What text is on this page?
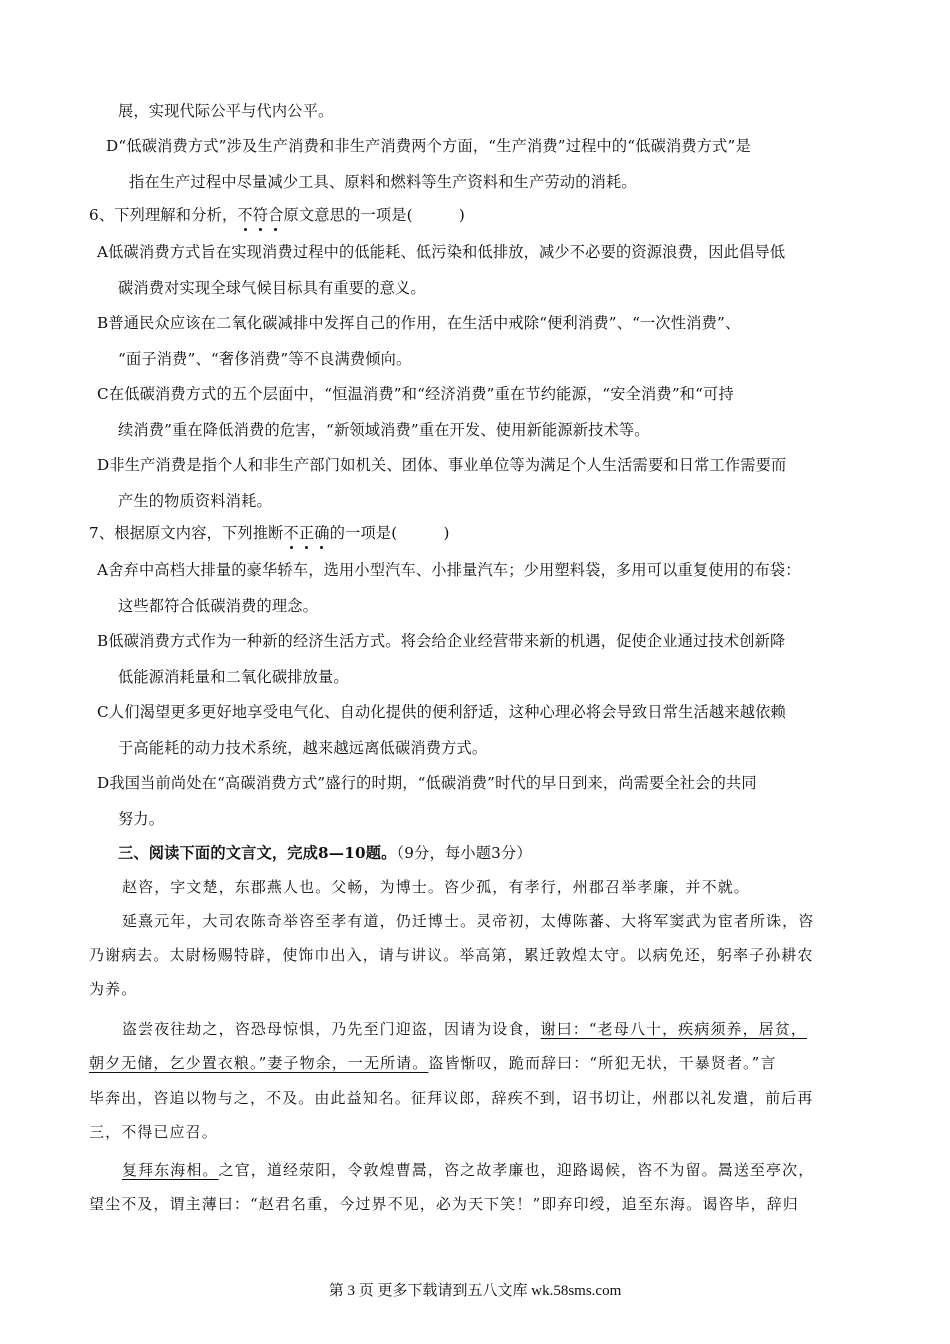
展，实现代际公平与代内公平。
D“低碳消费方式”涉及生产消费和非生产消费两个方面，“生产消费”过程中的“低碳消费方式”是
指在生产过程中尽量减少工具、原料和燃料等生产资料和生产劳动的消耗。
6、下列理解和分析，不符合原文意思的一项是(　　　)
A低碳消费方式旨在实现消费过程中的低能耗、低污染和低排放，减少不必要的资源浪费，因此倡导低
碳消费对实现全球气候目标具有重要的意义。
B普通民众应该在二氧化碳减排中发挥自己的作用，在生活中戒除“便利消费”、“一次性消费”、
“面子消费”、“奢侈消费”等不良满费倾向。
C在低碳消费方式的五个层面中，“恒温消费”和“经济消费”重在节约能源，“安全消费”和“可持
续消费”重在降低消费的危害，“新领域消费”重在开发、使用新能源新技术等。
D非生产消费是指个人和非生产部门如机关、团体、事业单位等为满足个人生活需要和日常工作需要而
产生的物质资料消耗。
7、根据原文内容，下列推断不正确的一项是(　　　)
A舍弃中高档大排量的豪华轿车，选用小型汽车、小排量汽车；少用塑料袋，多用可以重复使用的布袋：
这些都符合低碳消费的理念。
B低碳消费方式作为一种新的经济生活方式。将会给企业经营带来新的机遇，促使企业通过技术创新降
低能源消耗量和二氧化碳排放量。
C人们渴望更多更好地享受电气化、自动化提供的便利舒适，这种心理必将会导致日常生活越来越依赖
于高能耗的动力技术系统，越来越远离低碳消费方式。
D我国当前尚处在“高碳消费方式”盛行的时期，“低碳消费”时代的早日到来，尚需要全社会的共同
努力。
三、阅读下面的文言文，完成8—10题。（9分，每小题3分）
赵咨，字文楚，东郡燕人也。父畅，为博士。咨少孤，有孝行，州郡召举孝廉，并不就。
延熹元年，大司农陈奇举咨至孝有道，仍迁博士。灵帝初，太傅陈蕃、大将军窦武为宦者所诛，咨
乃谢病去。太尉杨赐特辟，使饰巾出入，请与讲议。举高第，累迁敦煌太守。以病免还，躬率子孙耕农
为养。
盗尝夜往劫之，咨恐母惊惧，乃先至门迎盗，因请为设食，谢曰：“老母八十，疾病须养，居贫，
朝夕无储，乞少置衣粮。”妻子物余，一无所请。盗皆惭叹，跪而辞曰：“所犯无状，干暴贤者。”言
毕奔出，咨追以物与之，不及。由此益知名。征拜议郎，辞疾不到，诏书切让，州郡以礼发遣，前后再
三，不得已应召。
复拜东海相。之官，道经荥阳，令敦煌曹暠，咨之故孝廉也，迎路谒候，咨不为留。暠送至亭次，
望尘不及，谓主薄曰：“赵君名重，今过界不见，必为天下笑！”即弃印绶，追至东海。谒咨毕，辞归
第 3 页 更多下载请到五八文库 wk.58sms.com
